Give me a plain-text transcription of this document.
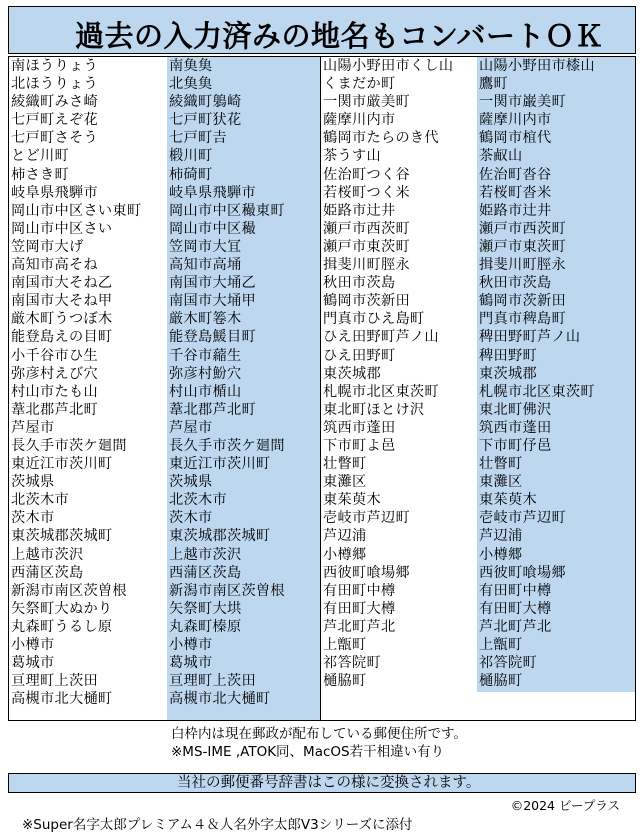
過去の入力済みの地名もコンバートＯＫ
南ほうりょう
北ほうりょう
綾織町みさ崎
七戸町えぞ花
七戸町さそう
とど川町
柿さき町
岐阜県飛騨市
岡山市中区さい東町
岡山市中区さい
笠岡市大げ
高知市高そね
南国市大そね乙
南国市大そね甲
厳木町うつぼ木
能登島えの目町
小千谷市ひ生
弥彦村えび穴
村山市たも山
葦北郡芦北町
芦屋市
長久手市茨ケ廻間
東近江市茨川町
茨城県
北茨木市
茨木市
東茨城郡茨城町
上越市茨沢
西蒲区茨島
新潟市南区茨曽根
矢祭町大ぬかり
丸森町うるし原
小樽市
葛城市
亘理町上茨田
高槻市北大樋町
南𩵋𩵋
北𩵋𩵋
綾織町鵢崎
七戸町犾花
七戸町𠮷
椴川町
柿碕町
岐阜県飛騨市
岡山市中区穝東町
岡山市中区穝
笠岡市大冝
高知市高埇
南国市大埇乙
南国市大埇甲
厳木町箞木
能登島鰀目町
千谷市𧃴生
弥彦村魵穴
村山市楯山
葦北郡芦北町
芦屋市
長久手市茨ケ廻間
東近江市茨川町
茨城県
北茨木市
茨木市
東茨城郡茨城町
上越市茨沢
西蒲区茨島
新潟市南区茨曽根
矢祭町大垬
丸森町榛原
小樽市
葛城市
亘理町上茨田
高槻市北大樋町
山陽小野田市くし山
くまだか町
一関市厳美町
薩摩川内市
鶴岡市たらのき代
茶うす山
佐治町つく谷
若桜町つく米
姫路市辻井
瀬戸市西茨町
瀬戸市東茨町
揖斐川町脛永
秋田市茨島
鶴岡市茨新田
門真市ひえ島町
ひえ田野町芦ノ山
ひえ田野町
東茨城郡
札幌市北区東茨町
東北町ほとけ沢
筑西市蓬田
下市町よ邑
壮瞥町
東灘区
東茱萸木
壱岐市芦辺町
芦辺浦
小樽郷
西彼町喰場郷
有田町中樽
有田町大樽
芦北町芦北
上甑町
祁答院町
樋脇町
山陽小野田市㯃山
鷹町
一関市巌美町
薩摩川内市
鶴岡市椬代
茶㕟山
佐治町沓谷
若桜町沓米
姫路市辻井
瀬戸市西茨町
瀬戸市東茨町
揖斐川町脛永
秋田市茨島
鶴岡市茨新田
門真市稗島町
稗田野町芦ノ山
稗田野町
東茨城郡
札幌市北区東茨町
東北町佛沢
筑西市蓬田
下市町伃邑
壮瞥町
東灘区
東茱萸木
壱岐市芦辺町
芦辺浦
小樽郷
西彼町喰場郷
有田町中樽
有田町大樽
芦北町芦北
上甑町
祁答院町
樋脇町
白枠内は現在郵政が配布している郵便住所です。
※MS-IME ,ATOK同、MacOS若干相違い有り
当社の郵便番号辞書はこの様に変換されます。
©2024 ビープラス
※Super名字太郎プレミアム４＆人名外字太郎V3シリーズに添付
